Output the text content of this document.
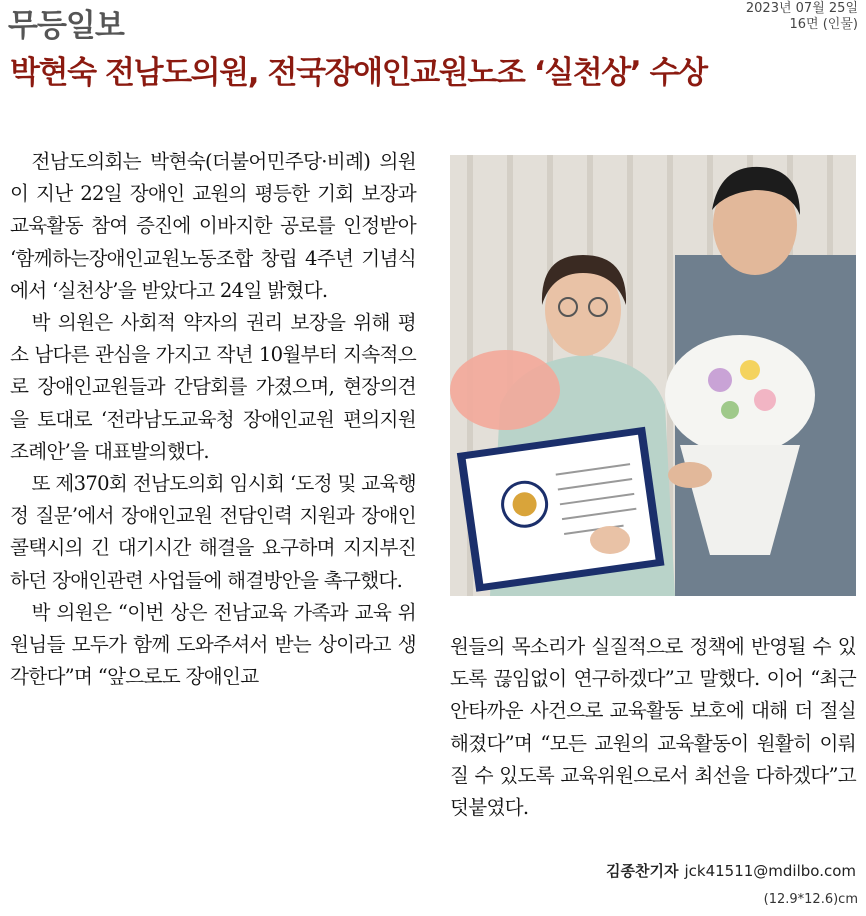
무등일보	2023년 07월 25일
16면 (인물)
박현숙 전남도의원, 전국장애인교원노조 ‘실천상’ 수상

전남도의회는 박현숙(더불어민주당·비례) 의원이 지난 22일 장애인 교원의 평등한 기회 보장과 교육활동 참여 증진에 이바지한 공로를 인정받아 ‘함께하는장애인교원노동조합 창립 4주년 기념식에서 ‘실천상’을 받았다고 24일 밝혔다.

박 의원은 사회적 약자의 권리 보장을 위해 평소 남다른 관심을 가지고 작년 10월부터 지속적으로 장애인교원들과 간담회를 가졌으며, 현장의견을 토대로 ‘전라남도교육청 장애인교원 편의지원 조례안’을 대표발의했다.

또 제370회 전남도의회 임시회 ‘도정 및 교육행정 질문’에서 장애인교원 전담인력 지원과 장애인콜택시의 긴 대기시간 해결을 요구하며 지지부진하던 장애인관련 사업들에 해결방안을 촉구했다.

박 의원은 “이번 상은 전남교육 가족과 교육 위원님들 모두가 함께 도와주셔서 받는 상이라고 생각한다”며 “앞으로도 장애인교

원들의 목소리가 실질적으로 정책에 반영될 수 있도록 끊임없이 연구하겠다”고 말했다. 이어 “최근 안타까운 사건으로 교육활동 보호에 대해 더 절실해졌다”며 “모든 교원의 교육활동이 원활히 이뤄질 수 있도록 교육위원으로서 최선을 다하겠다”고 덧붙였다.

김종찬기자 jck41511@mdilbo.com
(12.9*12.6)cm
